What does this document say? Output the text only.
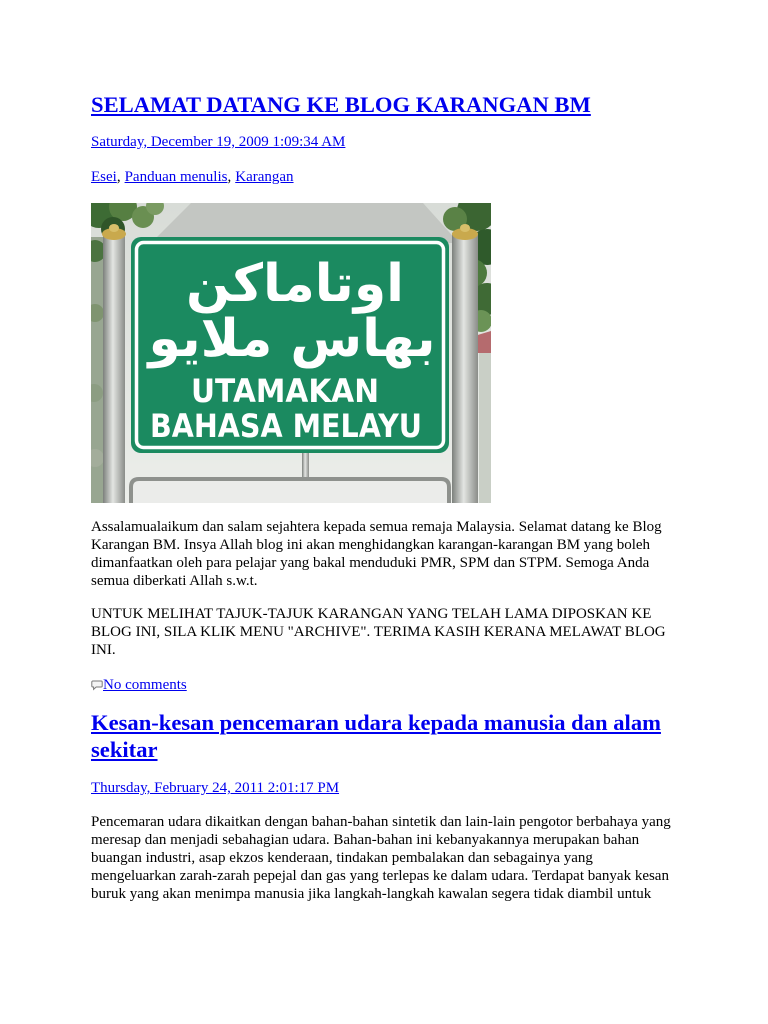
SELAMAT DATANG KE BLOG KARANGAN BM
Saturday, December 19, 2009 1:09:34 AM
Esei, Panduan menulis, Karangan
اوتاماكن
بهاس ملايو
UTAMAKAN
BAHASA MELAYU
Assalamualaikum dan salam sejahtera kepada semua remaja Malaysia. Selamat datang ke Blog
Karangan BM. Insya Allah blog ini akan menghidangkan karangan-karangan BM yang boleh
dimanfaatkan oleh para pelajar yang bakal menduduki PMR, SPM dan STPM. Semoga Anda
semua diberkati Allah s.w.t.
UNTUK MELIHAT TAJUK-TAJUK KARANGAN YANG TELAH LAMA DIPOSKAN KE
BLOG INI, SILA KLIK MENU "ARCHIVE". TERIMA KASIH KERANA MELAWAT BLOG
INI.
No comments
Kesan-kesan pencemaran udara kepada manusia dan alam
sekitar
Thursday, February 24, 2011 2:01:17 PM
Pencemaran udara dikaitkan dengan bahan-bahan sintetik dan lain-lain pengotor berbahaya yang
meresap dan menjadi sebahagian udara. Bahan-bahan ini kebanyakannya merupakan bahan
buangan industri, asap ekzos kenderaan, tindakan pembalakan dan sebagainya yang
mengeluarkan zarah-zarah pepejal dan gas yang terlepas ke dalam udara. Terdapat banyak kesan
buruk yang akan menimpa manusia jika langkah-langkah kawalan segera tidak diambil untuk
